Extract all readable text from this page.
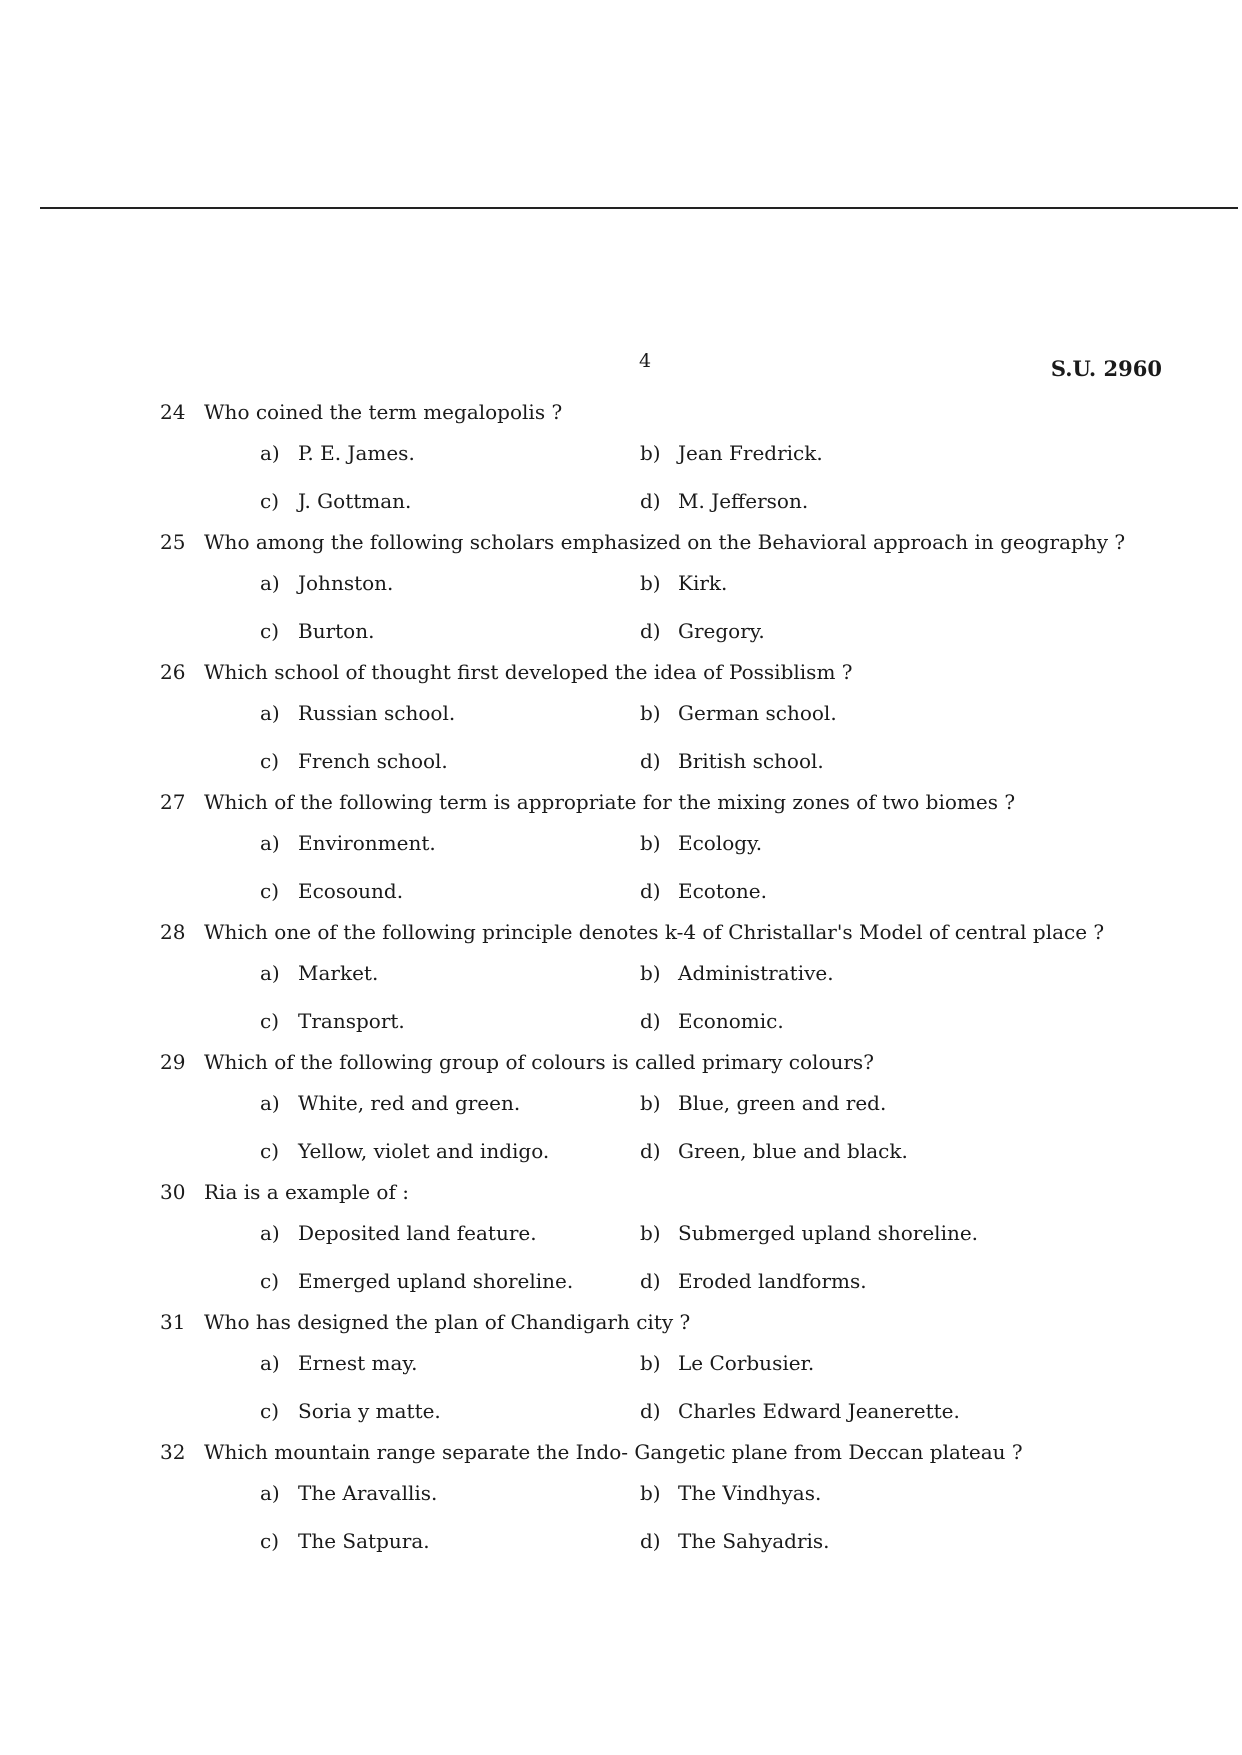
4	S.U. 2960
24 Who coined the term megalopolis ?
a) P. E. James.	b) Jean Fredrick.
c) J. Gottman.	d) M. Jefferson.
25 Who among the following scholars emphasized on the Behavioral approach in geography ?
a) Johnston.	b) Kirk.
c) Burton.	d) Gregory.
26 Which school of thought first developed the idea of Possiblism ?
a) Russian school.	b) German school.
c) French school.	d) British school.
27 Which of the following term is appropriate for the mixing zones of two biomes ?
a) Environment.	b) Ecology.
c) Ecosound.	d) Ecotone.
28 Which one of the following principle denotes k-4 of Christallar's Model of central place ?
a) Market.	b) Administrative.
c) Transport.	d) Economic.
29 Which of the following group of colours is called primary colours?
a) White, red and green.	b) Blue, green and red.
c) Yellow, violet and indigo.	d) Green, blue and black.
30 Ria is a example of :
a) Deposited land feature.	b) Submerged upland shoreline.
c) Emerged upland shoreline.	d) Eroded landforms.
31 Who has designed the plan of Chandigarh city ?
a) Ernest may.	b) Le Corbusier.
c) Soria y matte.	d) Charles Edward Jeanerette.
32 Which mountain range separate the Indo- Gangetic plane from Deccan plateau ?
a) The Aravallis.	b) The Vindhyas.
c) The Satpura.	d) The Sahyadris.
